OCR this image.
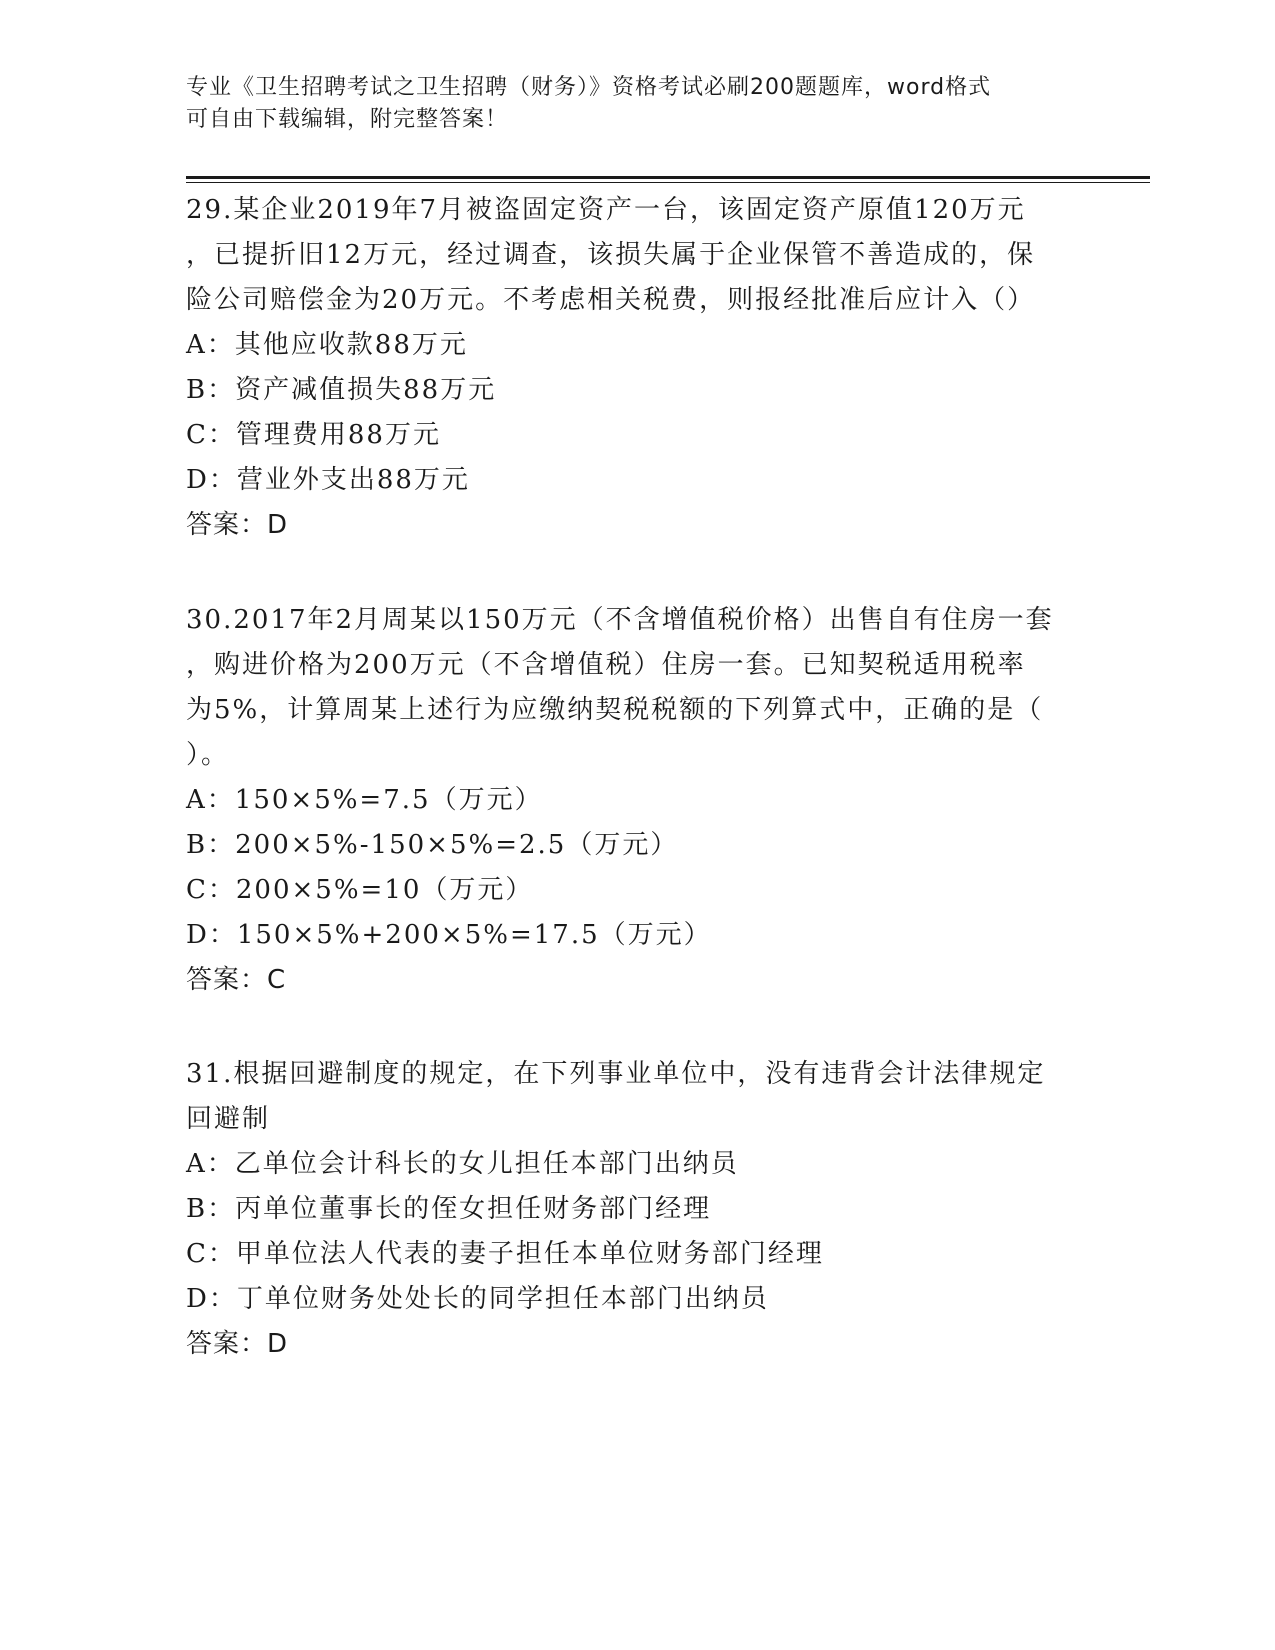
专业《卫生招聘考试之卫生招聘（财务）》资格考试必刷200题题库，word格式
可自由下载编辑，附完整答案！
29.某企业2019年7月被盗固定资产一台，该固定资产原值120万元
，已提折旧12万元，经过调查，该损失属于企业保管不善造成的，保
险公司赔偿金为20万元。不考虑相关税费，则报经批准后应计入（）
A：其他应收款88万元
B：资产减值损失88万元
C：管理费用88万元
D：营业外支出88万元
答案：D
30.2017年2月周某以150万元（不含增值税价格）出售自有住房一套
，购进价格为200万元（不含增值税）住房一套。已知契税适用税率
为5%，计算周某上述行为应缴纳契税税额的下列算式中，正确的是（
）。
A：150×5%=7.5（万元）
B：200×5%-150×5%=2.5（万元）
C：200×5%=10（万元）
D：150×5%+200×5%=17.5（万元）
答案：C
31.根据回避制度的规定，在下列事业单位中，没有违背会计法律规定
回避制
A：乙单位会计科长的女儿担任本部门出纳员
B：丙单位董事长的侄女担任财务部门经理
C：甲单位法人代表的妻子担任本单位财务部门经理
D：丁单位财务处处长的同学担任本部门出纳员
答案：D
